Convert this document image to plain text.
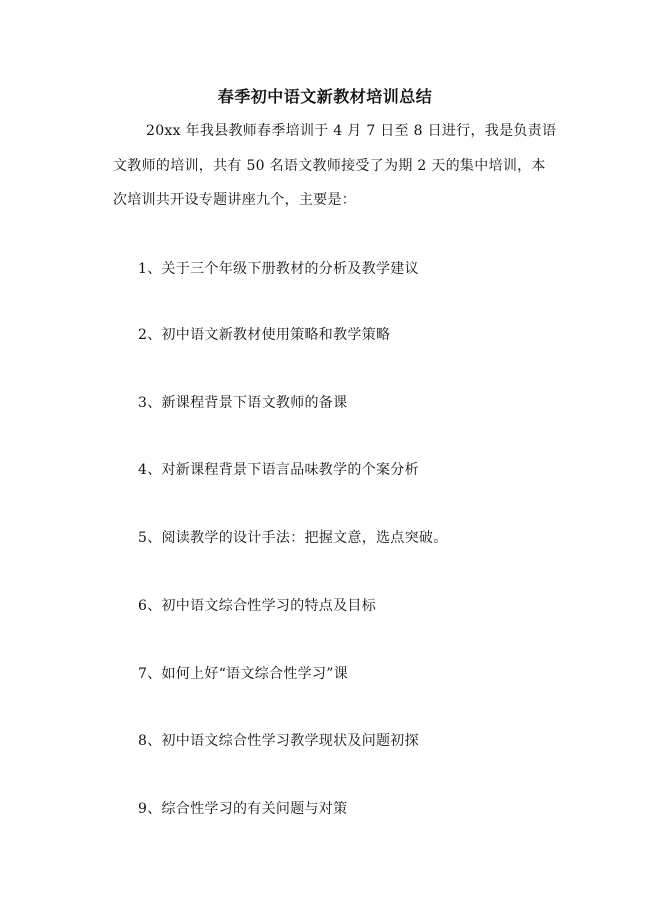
春季初中语文新教材培训总结
20xx 年我县教师春季培训于 4 月 7 日至 8 日进行，我是负责语
文教师的培训，共有 50 名语文教师接受了为期 2 天的集中培训，本
次培训共开设专题讲座九个，主要是：
1、关于三个年级下册教材的分析及教学建议
2、初中语文新教材使用策略和教学策略
3、新课程背景下语文教师的备课
4、对新课程背景下语言品味教学的个案分析
5、阅读教学的设计手法：把握文意，选点突破。
6、初中语文综合性学习的特点及目标
7、如何上好“语文综合性学习”课
8、初中语文综合性学习教学现状及问题初探
9、综合性学习的有关问题与对策
